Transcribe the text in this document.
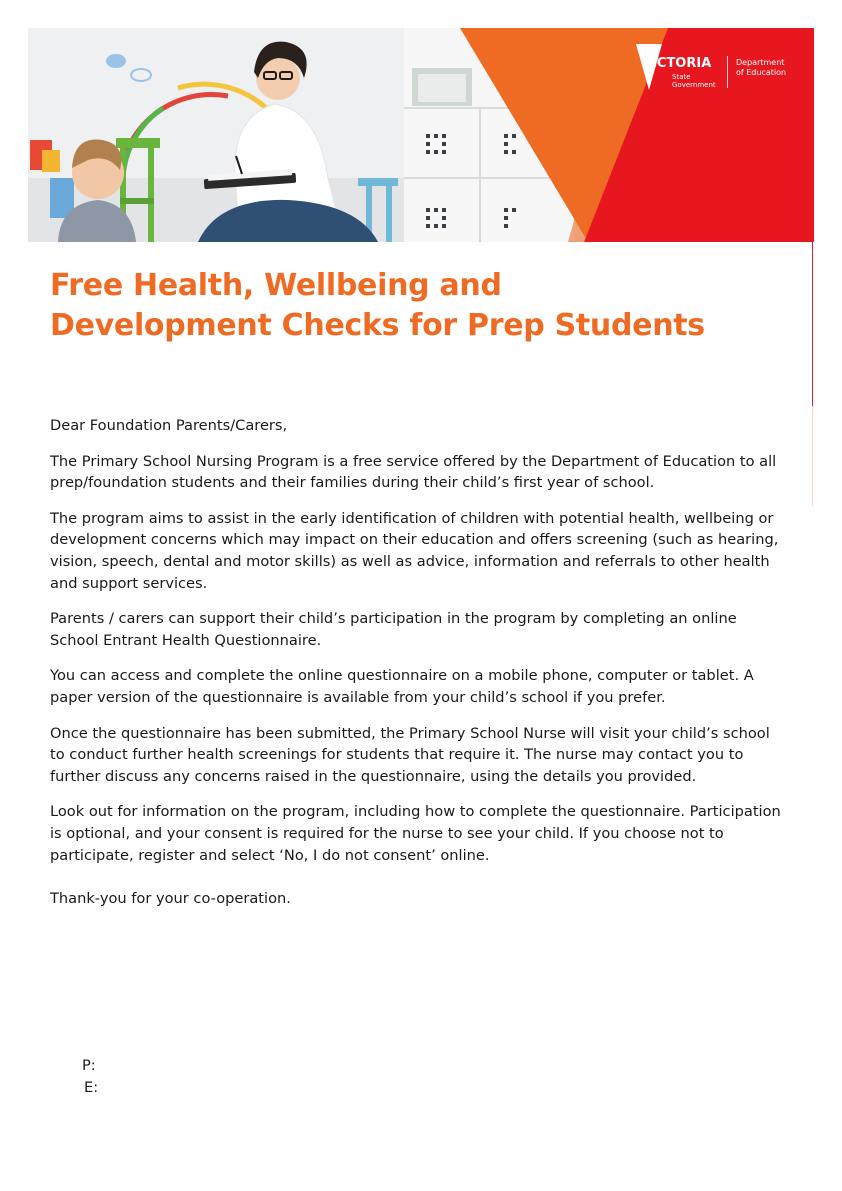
VICTORIA
State
Government
Department
of Education
Free Health, Wellbeing and
Development Checks for Prep Students

Dear Foundation Parents/Carers,

The Primary School Nursing Program is a free service offered by the Department of Education to all prep/foundation students and their families during their child’s first year of school.

The program aims to assist in the early identification of children with potential health, wellbeing or development concerns which may impact on their education and offers screening (such as hearing, vision, speech, dental and motor skills) as well as advice, information and referrals to other health and support services.

Parents / carers can support their child’s participation in the program by completing an online School Entrant Health Questionnaire.

You can access and complete the online questionnaire on a mobile phone, computer or tablet. A paper version of the questionnaire is available from your child’s school if you prefer.

Once the questionnaire has been submitted, the Primary School Nurse will visit your child’s school to conduct further health screenings for students that require it. The nurse may contact you to further discuss any concerns raised in the questionnaire, using the details you provided.

Look out for information on the program, including how to complete the questionnaire. Participation is optional, and your consent is required for the nurse to see your child. If you choose not to participate, register and select ‘No, I do not consent’ online.

Thank-you for your co-operation.

P:
E:
